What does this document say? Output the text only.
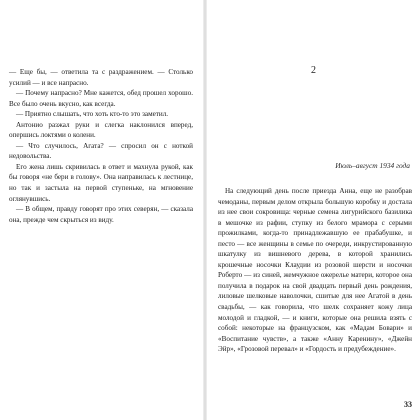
— Еще бы, — ответила та с раздражением. — Столько усилий — и все напрасно.

— Почему напрасно? Мне кажется, обед прошел хорошо. Все было очень вкусно, как всегда.

— Приятно слышать, что хоть кто-то это заметил.

Антонио разжал руки и слегка наклонился вперед, опершись локтями о колени.

— Что случилось, Агата? — спросил он с ноткой недовольства.

Его жена лишь скривилась в ответ и махнула рукой, как бы говоря «не бери в голову». Она направилась к лестнице, но так и застыла на первой ступеньке, на мгновение оглянувшись.

— В общем, правду говорят про этих северян, — сказала она, прежде чем скрыться из виду.

2
Июль–август 1934 года

На следующий день после приезда Анна, еще не разобрав чемоданы, первым делом открыла большую коробку и достала из нее свои сокровища: черные семена лигурийского базилика в мешочке из рафии, ступку из белого мрамора с серыми прожилками, когда-то принадлежавшую ее прабабушке, и песто — все женщины в семье по очереди, инкрустированную шкатулку из вишневого дерева, в которой хранились крошечные носочки Клаудии из розовой шерсти и носочки Роберто — из синей, жемчужное ожерелье матери, которое она получила в подарок на свой двадцать первый день рождения, лиловые шелковые наволочки, сшитые для нее Агатой в день свадьбы, — как говорила, что шелк сохраняет кожу лица молодой и гладкой, — и книги, которые она решила взять с собой: некоторые на французском, как «Мадам Бовари» и «Воспитание чувств», а также «Анну Каренину», «Джейн Эйр», «Грозовой перевал» и «Гордость и предубеждение».

33
